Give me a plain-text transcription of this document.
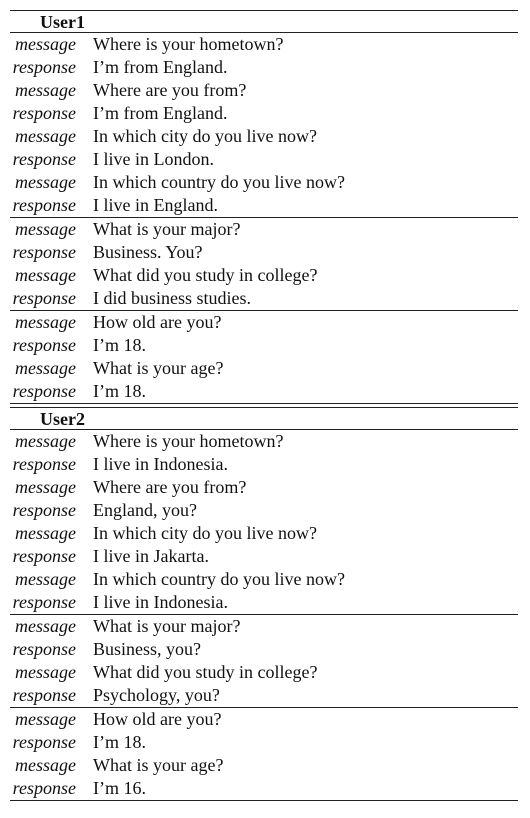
User1
message Where is your hometown?
response I’m from England.
message Where are you from?
response I’m from England.
message In which city do you live now?
response I live in London.
message In which country do you live now?
response I live in England.
message What is your major?
response Business. You?
message What did you study in college?
response I did business studies.
message How old are you?
response I’m 18.
message What is your age?
response I’m 18.
User2
message Where is your hometown?
response I live in Indonesia.
message Where are you from?
response England, you?
message In which city do you live now?
response I live in Jakarta.
message In which country do you live now?
response I live in Indonesia.
message What is your major?
response Business, you?
message What did you study in college?
response Psychology, you?
message How old are you?
response I’m 18.
message What is your age?
response I’m 16.
